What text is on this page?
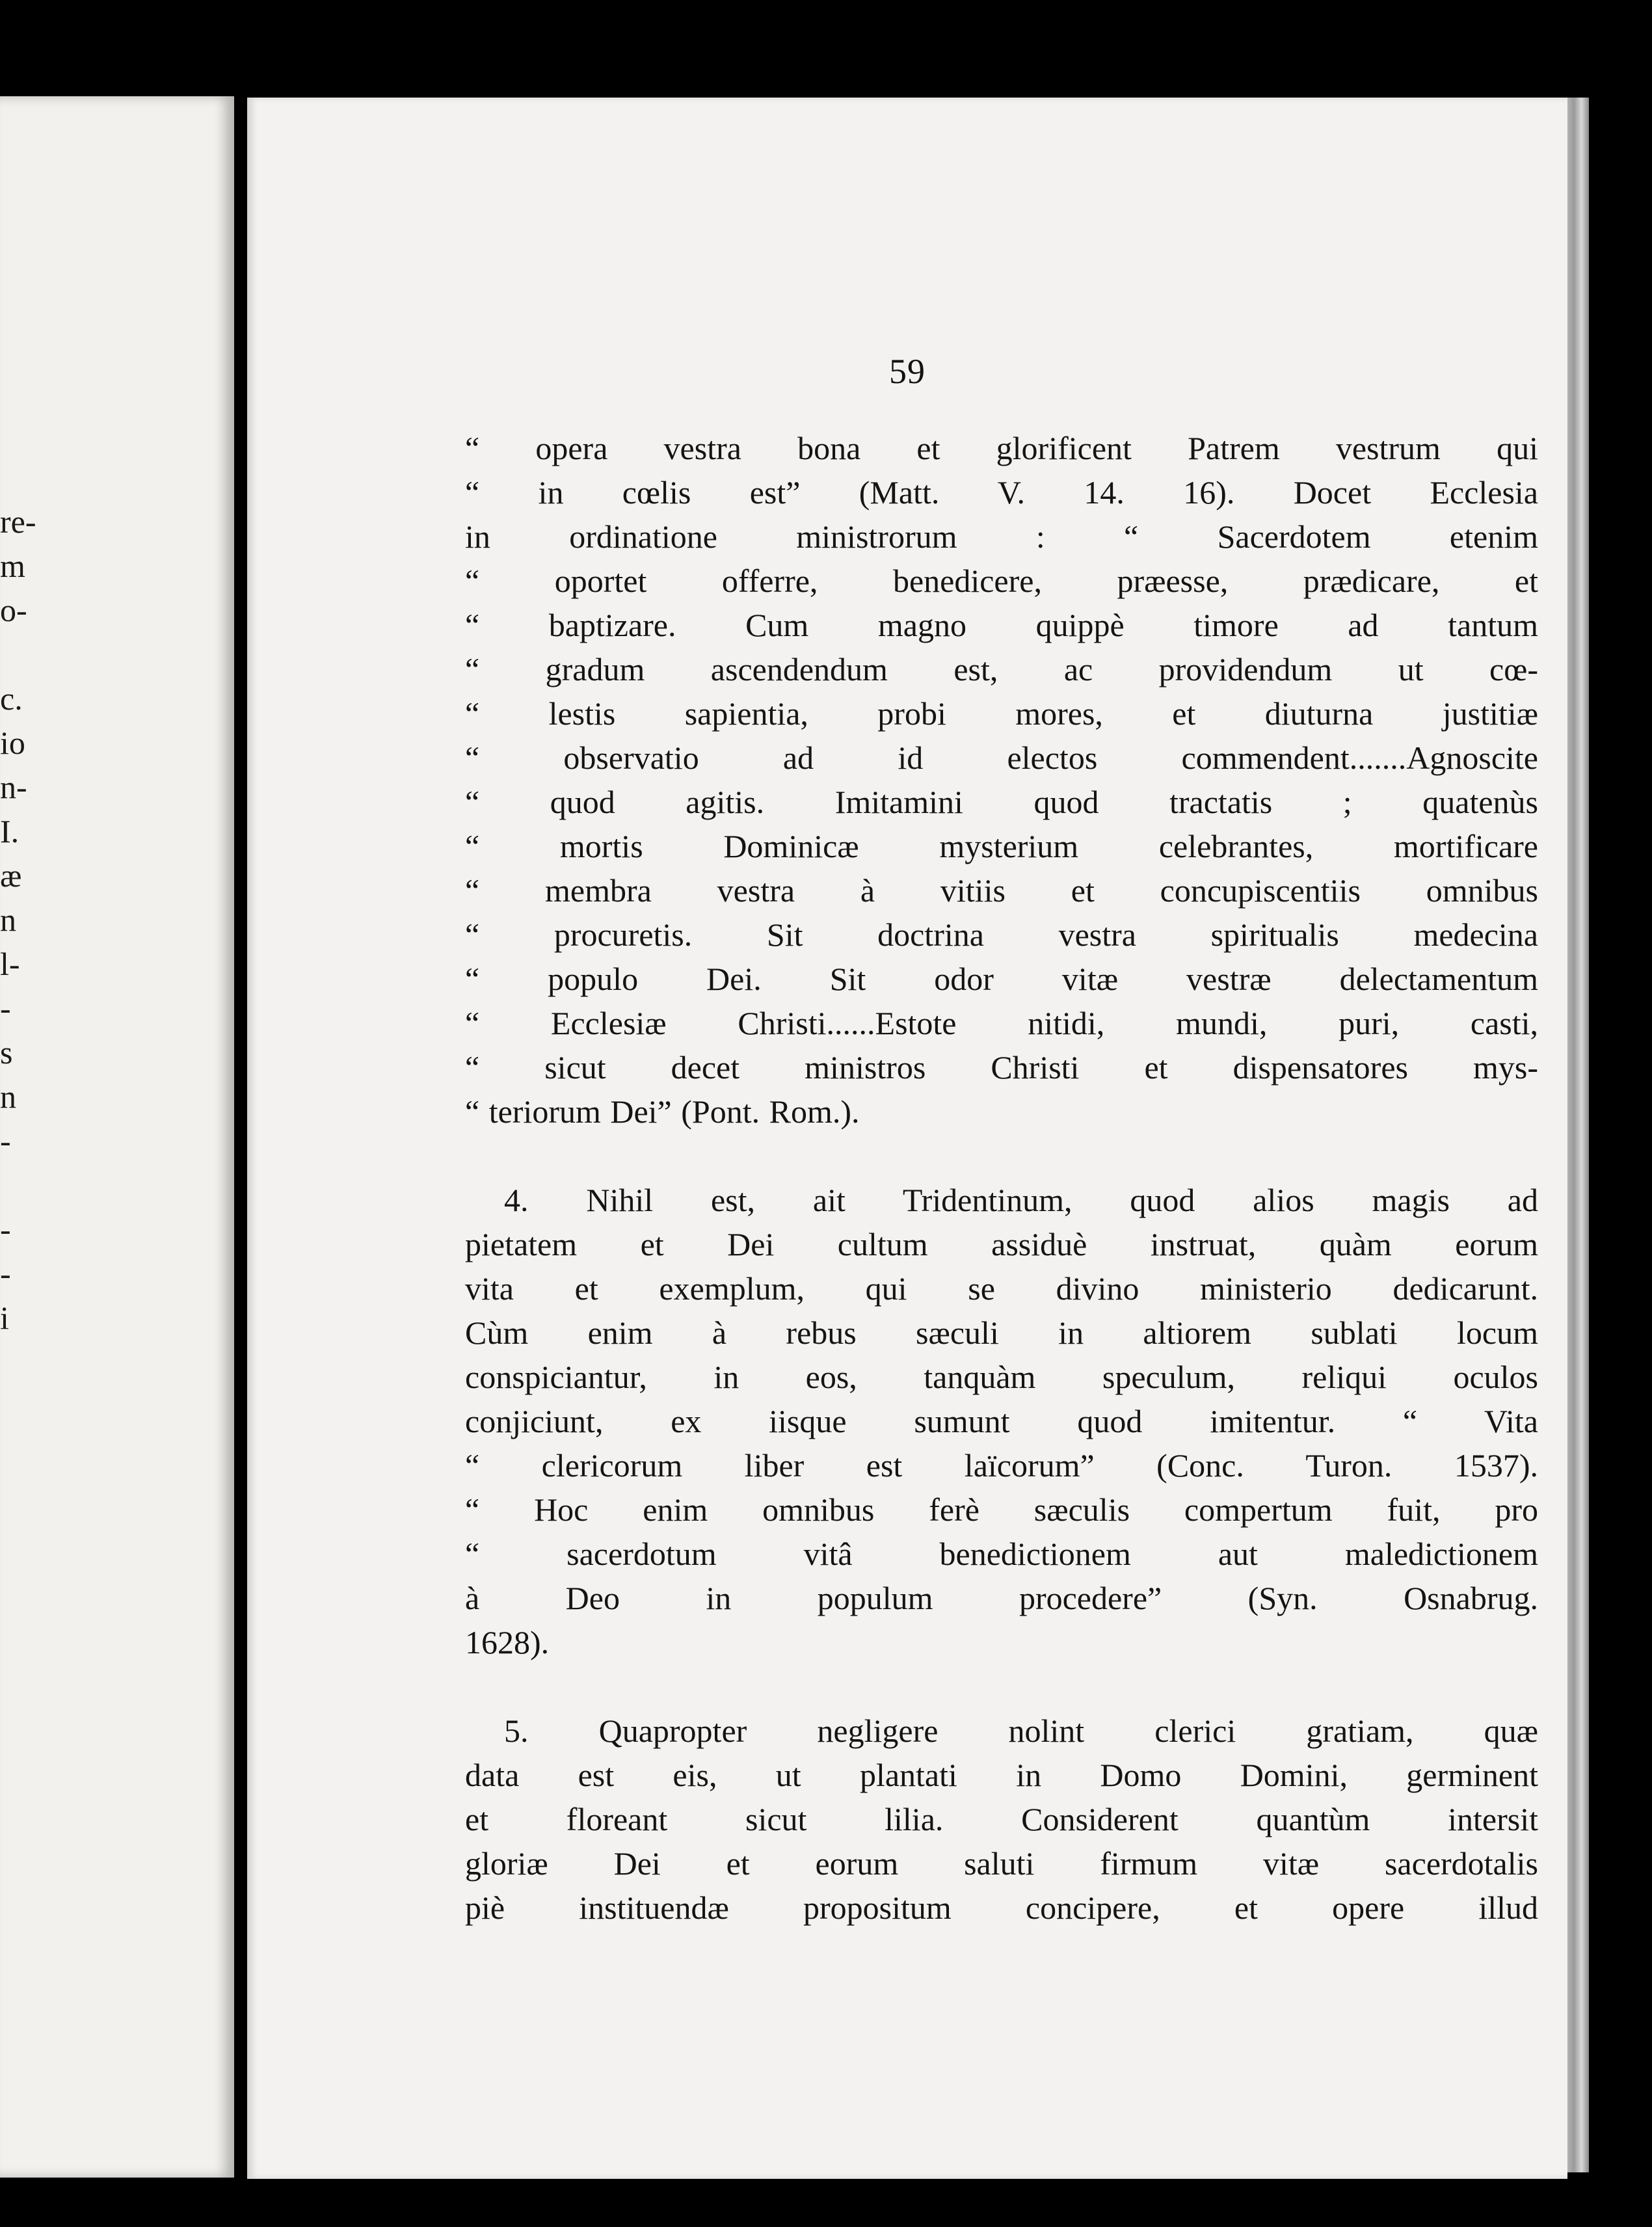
re-
m
o-
c.
io
n-
I.
æ
n
l-
-
s
n
-
-
-
i
59
“ opera vestra bona et glorificent Patrem vestrum qui
“ in cœlis est” (Matt. V. 14. 16). Docet Ecclesia
in ordinatione ministrorum : “ Sacerdotem etenim
“ oportet offerre, benedicere, præesse, prædicare, et
“ baptizare. Cum magno quippè timore ad tantum
“ gradum ascendendum est, ac providendum ut cœ-
“ lestis sapientia, probi mores, et diuturna justitiæ
“ observatio ad id electos commendent.......Agnoscite
“ quod agitis. Imitamini quod tractatis ; quatenùs
“ mortis Dominicæ mysterium celebrantes, mortificare
“ membra vestra à vitiis et concupiscentiis omnibus
“ procuretis. Sit doctrina vestra spiritualis medecina
“ populo Dei. Sit odor vitæ vestræ delectamentum
“ Ecclesiæ Christi......Estote nitidi, mundi, puri, casti,
“ sicut decet ministros Christi et dispensatores mys-
“ teriorum Dei” (Pont. Rom.).
4. Nihil est, ait Tridentinum, quod alios magis ad
pietatem et Dei cultum assiduè instruat, quàm eorum
vita et exemplum, qui se divino ministerio dedicarunt.
Cùm enim à rebus sæculi in altiorem sublati locum
conspiciantur, in eos, tanquàm speculum, reliqui oculos
conjiciunt, ex iisque sumunt quod imitentur. “ Vita
“ clericorum liber est laïcorum” (Conc. Turon. 1537).
“ Hoc enim omnibus ferè sæculis compertum fuit, pro
“ sacerdotum vitâ benedictionem aut maledictionem
à Deo in populum procedere” (Syn. Osnabrug.
1628).
5. Quapropter negligere nolint clerici gratiam, quæ
data est eis, ut plantati in Domo Domini, germinent
et floreant sicut lilia. Considerent quantùm intersit
gloriæ Dei et eorum saluti firmum vitæ sacerdotalis
piè instituendæ propositum concipere, et opere illud
